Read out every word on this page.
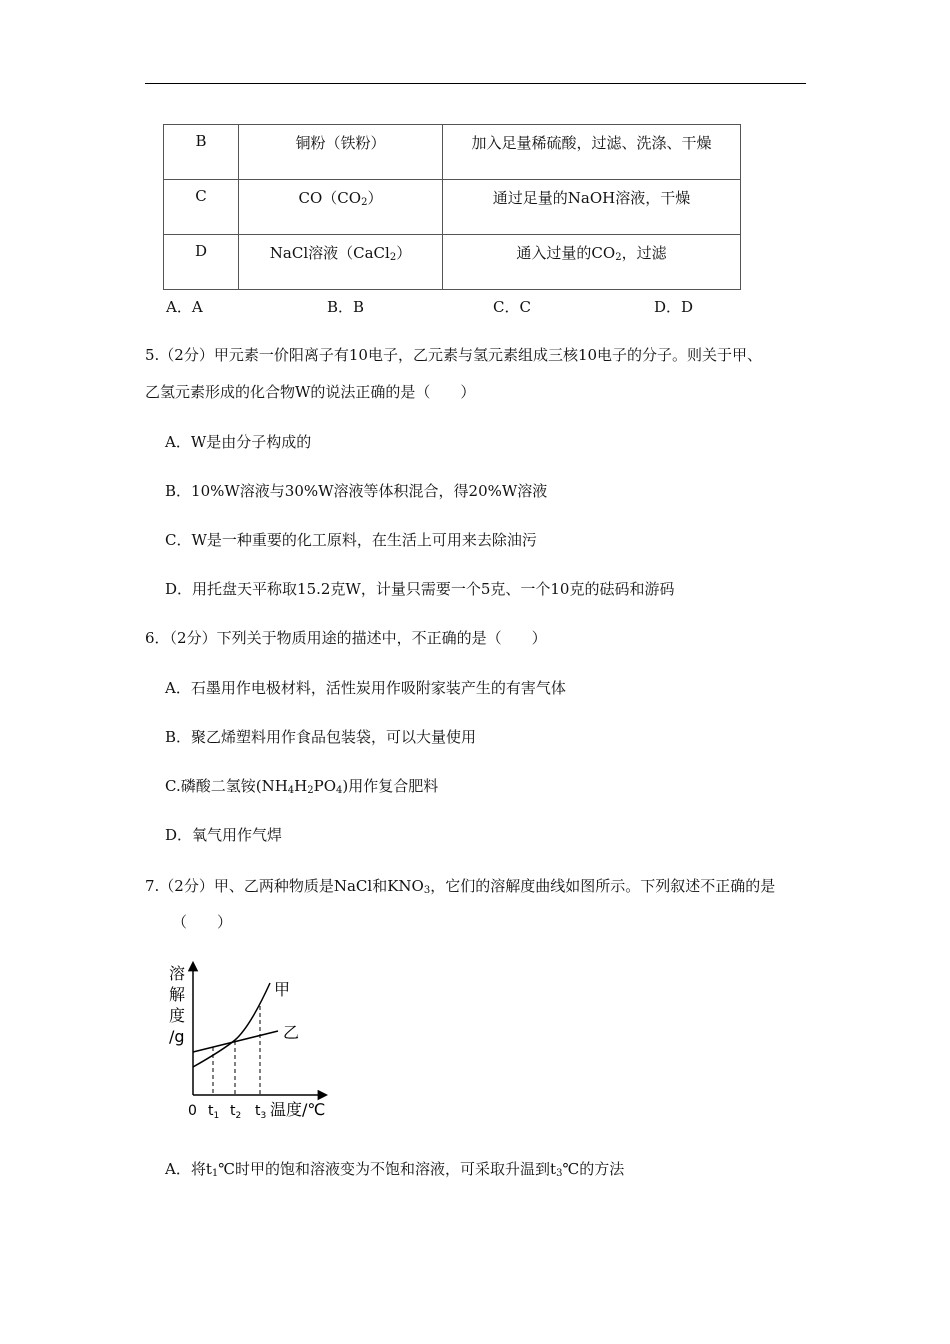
B	铜粉（铁粉）	加入足量稀硫酸，过滤、洗涤、干燥
C	$CO(CO_2)$	通过足量的NaOH溶液，干燥
D	NaCl溶液（CaCl$_2$）	通入过量的$CO_2$，过滤
A．A	B．B	C．C	D．D
5.（2分）甲元素一价阳离子有10电子，乙元素与氢元素组成三核10电子的分子。则关于甲、
乙氢元素形成的化合物W的说法正确的是（　　）
A．W是由分子构成的
B．10%W溶液与30%W溶液等体积混合，得20%W溶液
C．W是一种重要的化工原料，在生活上可用来去除油污
D．用托盘天平称取15.2克W，计量只需要一个5克、一个10克的砝码和游码
6．（2分）下列关于物质用途的描述中，不正确的是（　　）
A．石墨用作电极材料，活性炭用作吸附家装产生的有害气体
B．聚乙烯塑料用作食品包装袋，可以大量使用
C.磷酸二氢铵$(NH_4H_2PO_4)$用作复合肥料
D．氧气用作气焊
7.（2分）甲、乙两种物质是NaCl和$KNO_3$，它们的溶解度曲线如图所示。下列叙述不正确的是
（　　）
溶
解
度
/g
0 $t_1$ $t_2$ $t_3$ 温度/℃
甲
乙
A．将$t_1℃$时甲的饱和溶液变为不饱和溶液，可采取升温到$t_3℃$的方法
